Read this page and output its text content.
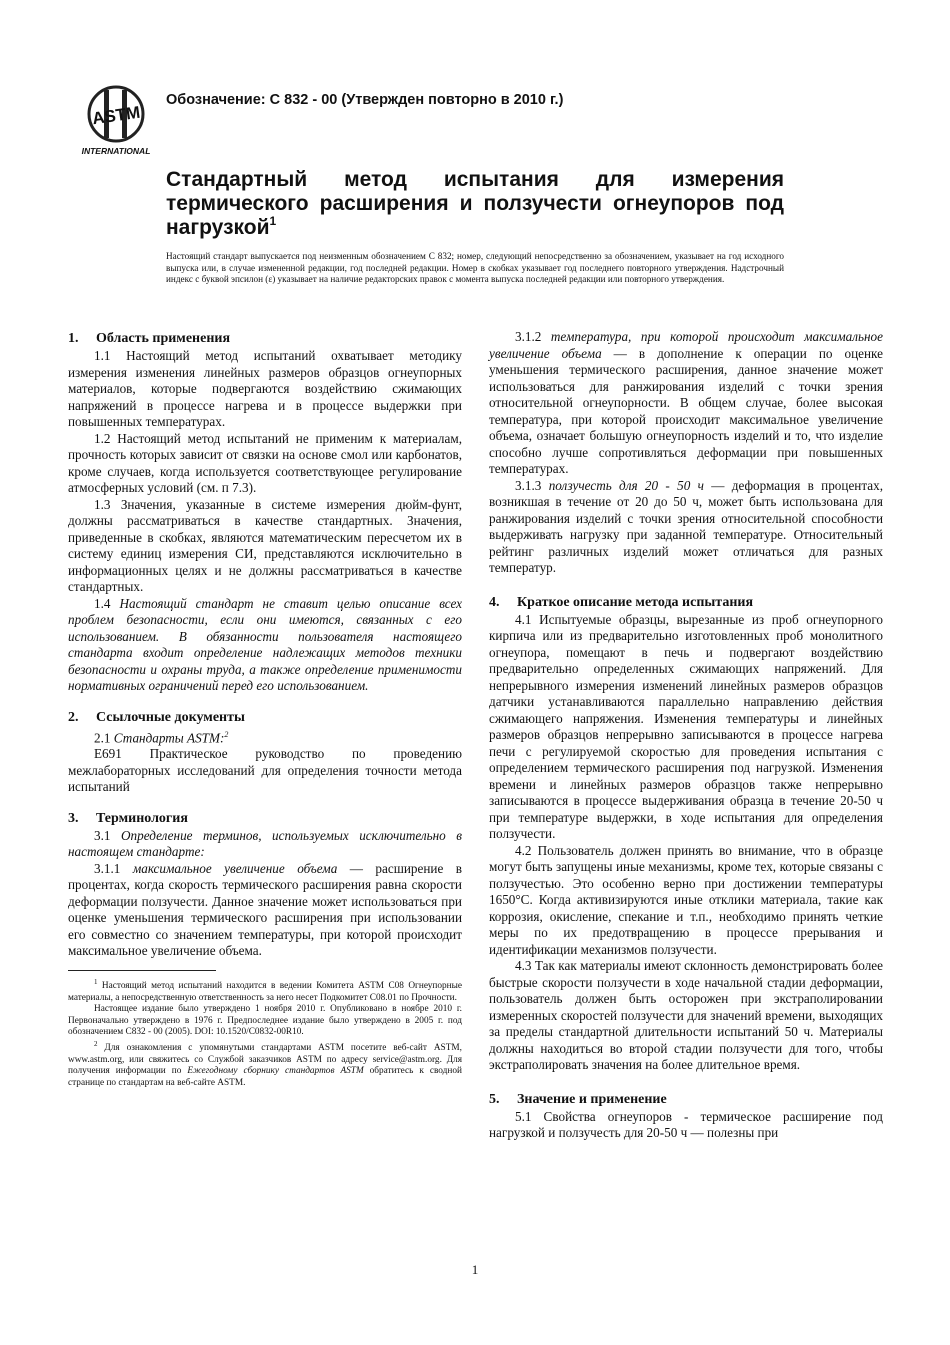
ASTM
INTERNATIONAL
Обозначение: C 832 - 00 (Утвержден повторно в 2010 г.)
Стандартный метод испытания для измерения термического расширения и ползучести огнеупоров под нагрузкой$^1$
Настоящий стандарт выпускается под неизменным обозначением C 832; номер, следующий непосредственно за обозначением, указывает на год исходного выпуска или, в случае измененной редакции, год последней редакции. Номер в скобках указывает год последнего повторного утверждения. Надстрочный индекс с буквой эпсилон (ε) указывает на наличие редакторских правок с момента выпуска последней редакции или повторного утверждения.
1. Область применения

1.1 Настоящий метод испытаний охватывает методику измерения изменения линейных размеров образцов огнеупорных материалов, которые подвергаются воздействию сжимающих напряжений в процессе нагрева и в процессе выдержки при повышенных температурах.

1.2 Настоящий метод испытаний не применим к материалам, прочность которых зависит от связки на основе смол или карбонатов, кроме случаев, когда используется соответствующее регулирование атмосферных условий (см. п 7.3).

1.3 Значения, указанные в системе измерения дюйм-фунт, должны рассматриваться в качестве стандартных. Значения, приведенные в скобках, являются математическим пересчетом их в систему единиц измерения СИ, представляются исключительно в информационных целях и не должны рассматриваться в качестве стандартных.

1.4 Настоящий стандарт не ставит целью описание всех проблем безопасности, если они имеются, связанных с его использованием. В обязанности пользователя настоящего стандарта входит определение надлежащих методов техники безопасности и охраны труда, а также определение применимости нормативных ограничений перед его использованием.

2. Ссылочные документы

2.1 Стандарты ASTM:$^2$

E691 Практическое руководство по проведению межлабораторных исследований для определения точности метода испытаний

3. Терминология

3.1 Определение терминов, используемых исключительно в настоящем стандарте:

3.1.1 максимальное увеличение объема — расширение в процентах, когда скорость термического расширения равна скорости деформации ползучести. Данное значение может использоваться при оценке уменьшения термического расширения при использовании его совместно со значением температуры, при которой происходит максимальное увеличение объема.

$^1$ Настоящий метод испытаний находится в ведении Комитета ASTM C08 Огнеупорные материалы, а непосредственную ответственность за него несет Подкомитет C08.01 по Прочности.

Настоящее издание было утверждено 1 ноября 2010 г. Опубликовано в ноябре 2010 г. Первоначально утверждено в 1976 г. Предпоследнее издание было утверждено в 2005 г. под обозначением C832 - 00 (2005). DOI: 10.1520/C0832-00R10.

$^2$ Для ознакомления с упомянутыми стандартами ASTM посетите веб-сайт ASTM, www.astm.org, или свяжитесь со Службой заказчиков ASTM по адресу service@astm.org. Для получения информации по Ежегодному сборнику стандартов ASTM обратитесь к сводной странице по стандартам на веб-сайте ASTM.

3.1.2 температура, при которой происходит максимальное увеличение объема — в дополнение к операции по оценке уменьшения термического расширения, данное значение может использоваться для ранжирования изделий с точки зрения относительной огнеупорности. В общем случае, более высокая температура, при которой происходит максимальное увеличение объема, означает большую огнеупорность изделий и то, что изделие способно лучше сопротивляться деформации при повышенных температурах.

3.1.3 ползучесть для 20 - 50 ч — деформация в процентах, возникшая в течение от 20 до 50 ч, может быть использована для ранжирования изделий с точки зрения относительной способности выдерживать нагрузку при заданной температуре. Относительный рейтинг различных изделий может отличаться для разных температур.

4. Краткое описание метода испытания

4.1 Испытуемые образцы, вырезанные из проб огнеупорного кирпича или из предварительно изготовленных проб монолитного огнеупора, помещают в печь и подвергают воздействию предварительно определенных сжимающих напряжений. Для непрерывного измерения изменений линейных размеров образцов датчики устанавливаются параллельно направлению действия сжимающего напряжения. Изменения температуры и линейных размеров образцов непрерывно записываются в процессе нагрева печи с регулируемой скоростью для проведения испытания с определением термического расширения под нагрузкой. Изменения времени и линейных размеров образцов также непрерывно записываются в процессе выдерживания образца в течение 20-50 ч при температуре выдержки, в ходе испытания для определения ползучести.

4.2 Пользователь должен принять во внимание, что в образце могут быть запущены иные механизмы, кроме тех, которые связаны с ползучестью. Это особенно верно при достижении температуры 1650°C. Когда активизируются иные отклики материала, такие как коррозия, окисление, спекание и т.п., необходимо принять четкие меры по их предотвращению в процессе прерывания и идентификации механизмов ползучести.

4.3 Так как материалы имеют склонность демонстрировать более быстрые скорости ползучести в ходе начальной стадии деформации, пользователь должен быть осторожен при экстраполировании измеренных скоростей ползучести для значений времени, выходящих за пределы стандартной длительности испытаний 50 ч. Материалы должны находиться во второй стадии ползучести для того, чтобы экстраполировать значения на более длительное время.

5. Значение и применение

5.1 Свойства огнеупоров - термическое расширение под нагрузкой и ползучесть для 20-50 ч — полезны при

1
